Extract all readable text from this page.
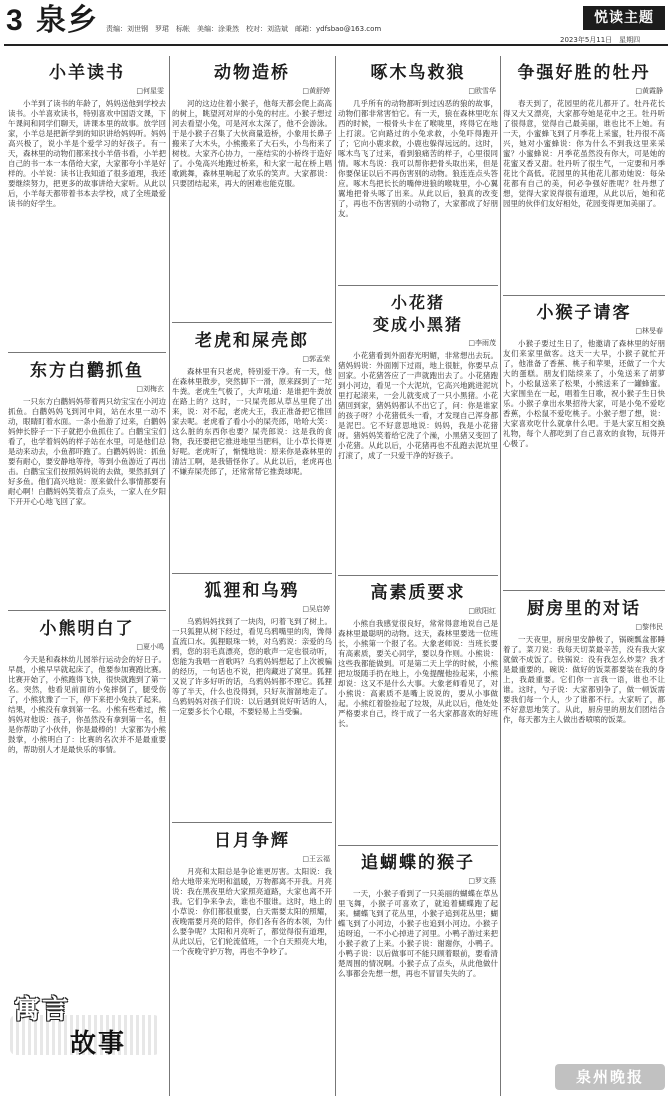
3 泉乡 责编：刘世钢　罗珺　标帐　美编：涂秉然　校对：刘浩斌　邮箱：ydfsbao@163.com
悦读主题
2023年5月11日　星期四
小羊读书
□何星雯

小羊到了读书的年龄了，妈妈送他到学校去读书。小羊喜欢读书，特别喜欢中国语文课，下午课间和同学们聊天，讲课本里的故事。放学回家，小羊总是把新学到的知识讲给妈妈听。妈妈高兴极了，说小羊是个爱学习的好孩子。有一天，森林里的动物们都来找小羊借书看，小羊把自己的书一本一本借给大家，大家都夸小羊是好样的。小羊说：读书让我知道了很多道理，我还要继续努力，把更多的故事讲给大家听。从此以后，小羊每天都带着书本去学校，成了全班最爱读书的好学生。

东方白鹳抓鱼
□刘梅玄

一只东方白鹳妈妈带着两只幼宝宝在小河边抓鱼。白鹳妈妈飞到河中间，站在水里一动不动，眼睛盯着水面。一条小鱼游了过来，白鹳妈妈伸长脖子一下子就把小鱼抓住了。白鹳宝宝们看了，也学着妈妈的样子站在水里，可是他们总是动来动去，小鱼都吓跑了。白鹳妈妈说：抓鱼要有耐心，要安静地等待，等到小鱼游近了再出击。白鹳宝宝们按照妈妈说的去做，果然抓到了好多鱼。他们高兴地说：原来做什么事情都要有耐心啊！白鹳妈妈笑着点了点头，一家人在夕阳下开开心心地飞回了家。

小熊明白了
□夏小鸣

今天是和森林幼儿园举行运动会的好日子。早晨，小熊早早就起床了，他要参加赛跑比赛。比赛开始了，小熊跑得飞快，很快就跑到了第一名。突然，他看见前面的小兔摔倒了，腿受伤了，小熊犹豫了一下，停下来把小兔扶了起来。结果，小熊没有拿到第一名。小熊有些难过，熊妈妈对他说：孩子，你虽然没有拿到第一名，但是你帮助了小伙伴，你是最棒的！大家都为小熊鼓掌，小熊明白了：比赛的名次并不是最重要的，帮助别人才是最快乐的事情。

动物造桥
□黄舒婷

河的这边住着小猴子，他每天都会爬上高高的树上，眺望河对岸的小兔的村庄。小猴子想过河去看望小兔，可是河水太深了，他不会游泳。于是小猴子召集了大伙商量造桥，小象用长鼻子搬来了大木头，小熊搬来了大石头，小鸟衔来了树枝。大家齐心协力，一座结实的小桥终于造好了。小兔高兴地跑过桥来，和大家一起在桥上唱歌跳舞，森林里响起了欢乐的笑声。大家都说：只要团结起来，再大的困难也能克服。

老虎和屎壳郎
□郭孟荣

森林里有只老虎，特别爱干净。有一天，他在森林里散步，突然脚下一滑，原来踩到了一坨牛粪。老虎生气极了，大声吼道：是谁把牛粪放在路上的？这时，一只屎壳郎从草丛里爬了出来，说：对不起，老虎大王，我正准备把它推回家去呢。老虎看了看小小的屎壳郎，哈哈大笑：这么脏的东西你也要？屎壳郎说：这是我的食物，我还要把它推进地里当肥料，让小草长得更好呢。老虎听了，惭愧地说：原来你是森林里的清洁工啊，是我错怪你了。从此以后，老虎再也不嫌弃屎壳郎了，还常常帮它推粪球呢。

狐狸和乌鸦
□吴启婷

乌鸦妈妈找到了一块肉，叼着飞到了树上。一只狐狸从树下经过，看见乌鸦嘴里的肉，馋得直流口水。狐狸眼珠一转，对乌鸦说：亲爱的乌鸦，您的羽毛真漂亮，您的歌声一定也很动听，您能为我唱一首歌吗？乌鸦妈妈想起了上次被骗的经历，一句话也不说，把肉藏进了窝里。狐狸又说了许多好听的话，乌鸦妈妈都不理它。狐狸等了半天，什么也没得到，只好灰溜溜地走了。乌鸦妈妈对孩子们说：以后遇到说好听话的人，一定要多长个心眼，不要轻易上当受骗。

日月争辉
□王云福

月亮和太阳总是争论谁更厉害。太阳说：我给大地带来光明和温暖，万物都离不开我。月亮说：我在黑夜里给大家照亮道路，大家也离不开我。它们争来争去，谁也不服谁。这时，地上的小草说：你们都很重要，白天需要太阳的照耀，夜晚需要月亮的陪伴，你们各有各的本领，为什么要争呢？太阳和月亮听了，都觉得很有道理，从此以后，它们轮流值班，一个白天照亮大地，一个夜晚守护万物，再也不争吵了。

啄木鸟救狼
□欧雪华

几乎所有的动物都听到过凶恶的狼的故事，动物们都非常害怕它。有一天，狼在森林里吃东西的时候，一根骨头卡在了喉咙里，疼得它在地上打滚。它向路过的小兔求救，小兔吓得跑开了；它向小鹿求救，小鹿也躲得远远的。这时，啄木鸟飞了过来，看到狼痛苦的样子，心里很同情。啄木鸟说：我可以帮你把骨头取出来，但是你要保证以后不再伤害别的动物。狼连连点头答应。啄木鸟把长长的嘴伸进狼的喉咙里，小心翼翼地把骨头啄了出来。从此以后，狼真的改变了，再也不伤害别的小动物了，大家都成了好朋友。

小花猪
变成小黑猪
□李雨茂

小花猪看到外面春光明媚，非常想出去玩。猪妈妈说：外面刚下过雨，地上很脏，你要早点回家。小花猪答应了一声就跑出去了。小花猪跑到小河边，看见一个大泥坑，它高兴地跳进泥坑里打起滚来，一会儿就变成了一只小黑猪。小花猪回到家，猪妈妈都认不出它了，问：你是谁家的孩子呀？小花猪低头一看，才发现自己浑身都是泥巴。它不好意思地说：妈妈，我是小花猪呀。猪妈妈笑着给它洗了个澡，小黑猪又变回了小花猪。从此以后，小花猪再也不乱跑去泥坑里打滚了，成了一只爱干净的好孩子。

高素质要求
□欧阳红

小熊自我感觉很良好，常常得意地说自己是森林里最聪明的动物。这天，森林里要选一位班长，小熊第一个报了名。大象老师说：当班长要有高素质，要关心同学，要以身作则。小熊说：这些我都能做到。可是第二天上学的时候，小熊把垃圾随手扔在地上，小兔提醒他捡起来，小熊却说：这又不是什么大事。大象老师看见了，对小熊说：高素质不是嘴上说说的，要从小事做起。小熊红着脸捡起了垃圾，从此以后，他处处严格要求自己，终于成了一名大家都喜欢的好班长。

追蝴蝶的猴子
□罗文燕

一天，小猴子看到了一只美丽的蝴蝶在草丛里飞舞，小猴子可喜欢了，就追着蝴蝶跑了起来。蝴蝶飞到了花丛里，小猴子追到花丛里；蝴蝶飞到了小河边，小猴子也追到小河边。小猴子追呀追，一不小心掉进了河里。小鸭子游过来把小猴子救了上来。小猴子说：谢谢你，小鸭子。小鸭子说：以后做事可不能只顾着眼前，要看清楚周围的情况啊。小猴子点了点头，从此他做什么事都会先想一想，再也不冒冒失失的了。

争强好胜的牡丹
□黄霞静

春天到了，花园里的花儿都开了。牡丹花长得又大又漂亮，大家都夸她是花中之王。牡丹听了很得意，觉得自己最美丽，谁也比不上她。有一天，小蜜蜂飞到了月季花上采蜜，牡丹很不高兴，她对小蜜蜂说：你为什么不到我这里来采蜜？小蜜蜂说：月季花虽然没有你大，可是她的花蜜又香又甜。牡丹听了很生气，一定要和月季花比个高低。花园里的其他花儿都劝她说：每朵花都有自己的美，何必争强好胜呢？牡丹想了想，觉得大家说得很有道理，从此以后，她和花园里的伙伴们友好相处，花园变得更加美丽了。

小猴子请客
□林旻春

小猴子要过生日了，他邀请了森林里的好朋友们来家里做客。这天一大早，小猴子就忙开了，他准备了香蕉、桃子和苹果，还做了一个大大的蛋糕。朋友们陆续来了，小兔送来了胡萝卜，小松鼠送来了松果，小熊送来了一罐蜂蜜。大家围坐在一起，唱着生日歌，祝小猴子生日快乐。小猴子拿出水果招待大家，可是小兔不爱吃香蕉，小松鼠不爱吃桃子。小猴子想了想，说：大家喜欢吃什么就拿什么吧。于是大家互相交换礼物，每个人都吃到了自己喜欢的食物，玩得开心极了。

厨房里的对话
□黎伟民

一天夜里，厨房里安静极了，锅碗瓢盆都睡着了。菜刀说：我每天切菜最辛苦，没有我大家就做不成饭了。铁锅说：没有我怎么炒菜？我才是最重要的。碗说：做好的饭菜都要装在我的身上，我最重要。它们你一言我一语，谁也不让谁。这时，勺子说：大家都别争了，做一顿饭需要我们每一个人，少了谁都不行。大家听了，都不好意思地笑了。从此，厨房里的朋友们团结合作，每天都为主人做出香喷喷的饭菜。

寓言
故事
泉州晚报
